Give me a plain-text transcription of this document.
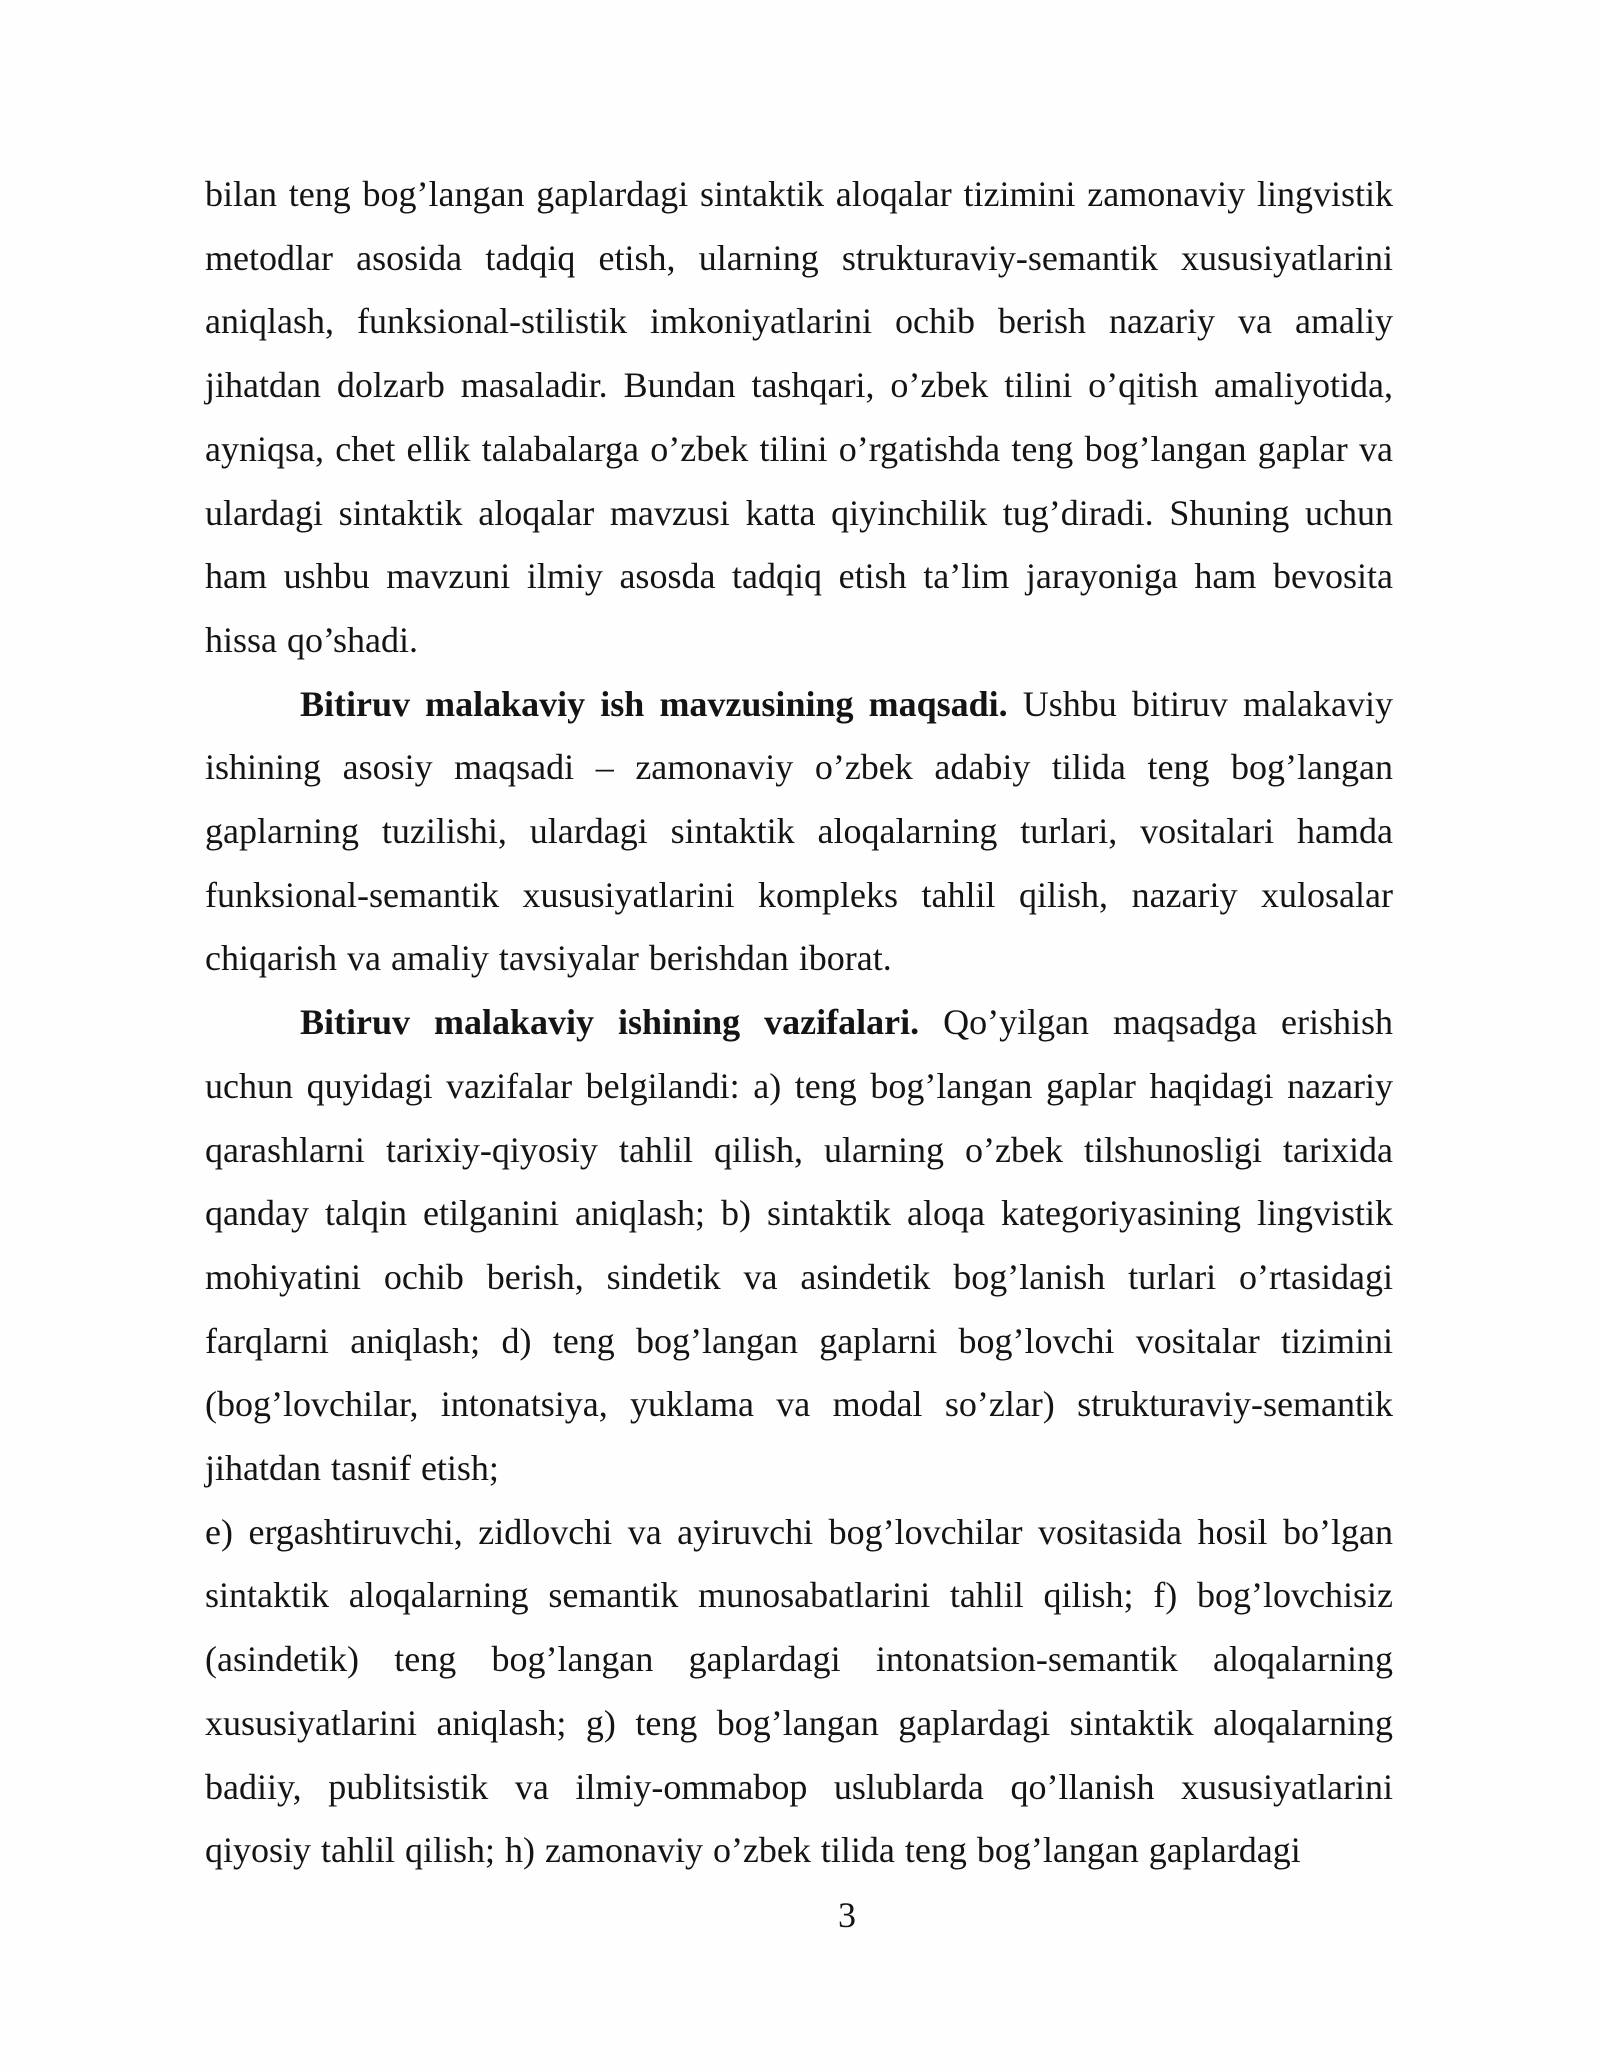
bilan teng bog’langan gaplardagi sintaktik aloqalar tizimini zamonaviy lingvistik metodlar asosida tadqiq etish, ularning strukturaviy-semantik xususiyatlarini aniqlash, funksional-stilistik imkoniyatlarini ochib berish nazariy va amaliy jihatdan dolzarb masaladir. Bundan tashqari, o’zbek tilini o’qitish amaliyotida, ayniqsa, chet ellik talabalarga o’zbek tilini o’rgatishda teng bog’langan gaplar va ulardagi sintaktik aloqalar mavzusi katta qiyinchilik tug’diradi. Shuning uchun ham ushbu mavzuni ilmiy asosda tadqiq etish ta’lim jarayoniga ham bevosita hissa qo’shadi.

Bitiruv malakaviy ish mavzusining maqsadi. Ushbu bitiruv malakaviy ishining asosiy maqsadi – zamonaviy o’zbek adabiy tilida teng bog’langan gaplarning tuzilishi, ulardagi sintaktik aloqalarning turlari, vositalari hamda funksional-semantik xususiyatlarini kompleks tahlil qilish, nazariy xulosalar chiqarish va amaliy tavsiyalar berishdan iborat.

Bitiruv malakaviy ishining vazifalari. Qo’yilgan maqsadga erishish uchun quyidagi vazifalar belgilandi: a) teng bog’langan gaplar haqidagi nazariy qarashlarni tarixiy-qiyosiy tahlil qilish, ularning o’zbek tilshunosligi tarixida qanday talqin etilganini aniqlash; b) sintaktik aloqa kategoriyasining lingvistik mohiyatini ochib berish, sindetik va asindetik bog’lanish turlari o’rtasidagi farqlarni aniqlash; d) teng bog’langan gaplarni bog’lovchi vositalar tizimini (bog’lovchilar, intonatsiya, yuklama va modal so’zlar) strukturaviy-semantik jihatdan tasnif etish;

e) ergashtiruvchi, zidlovchi va ayiruvchi bog’lovchilar vositasida hosil bo’lgan sintaktik aloqalarning semantik munosabatlarini tahlil qilish; f) bog’lovchisiz (asindetik) teng bog’langan gaplardagi intonatsion-semantik aloqalarning xususiyatlarini aniqlash; g) teng bog’langan gaplardagi sintaktik aloqalarning badiiy, publitsistik va ilmiy-ommabop uslublarda qo’llanish xususiyatlarini qiyosiy tahlil qilish; h) zamonaviy o’zbek tilida teng bog’langan gaplardagi

3
